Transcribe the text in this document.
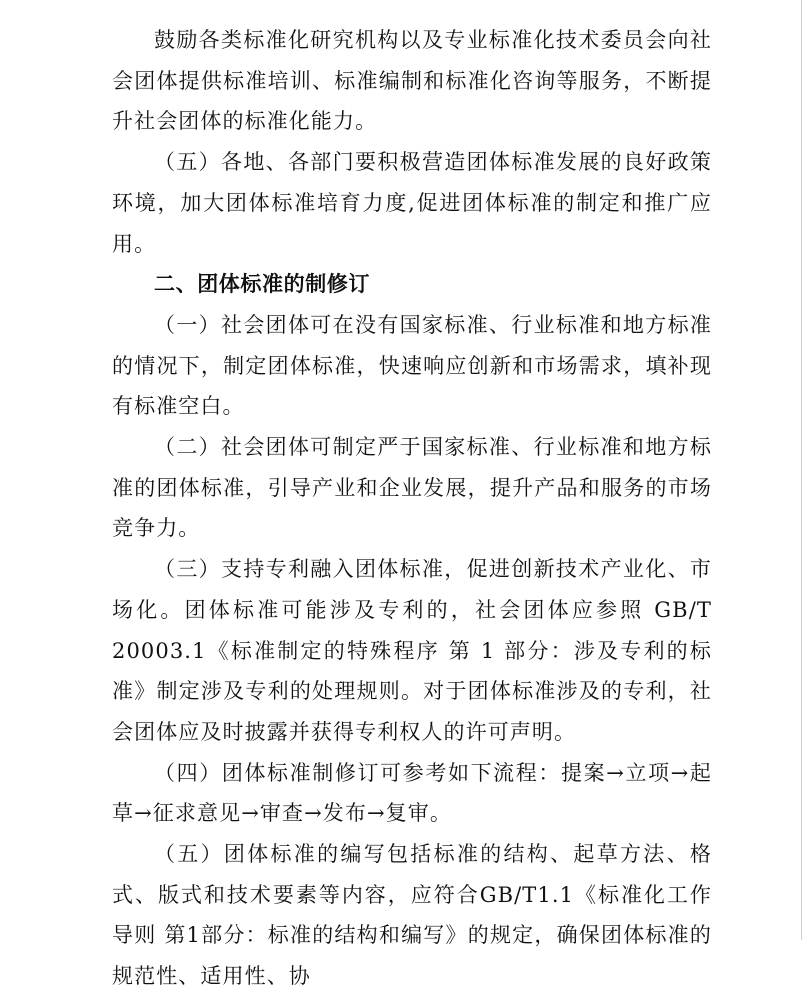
鼓励各类标准化研究机构以及专业标准化技术委员会向社会团体提供标准培训、标准编制和标准化咨询等服务，不断提升社会团体的标准化能力。

（五）各地、各部门要积极营造团体标准发展的良好政策环境，加大团体标准培育力度,促进团体标准的制定和推广应用。

二、团体标准的制修订

（一）社会团体可在没有国家标准、行业标准和地方标准的情况下，制定团体标准，快速响应创新和市场需求，填补现有标准空白。

（二）社会团体可制定严于国家标准、行业标准和地方标准的团体标准，引导产业和企业发展，提升产品和服务的市场竞争力。

（三）支持专利融入团体标准，促进创新技术产业化、市场化。团体标准可能涉及专利的，社会团体应参照 GB/T 20003.1《标准制定的特殊程序 第 1 部分：涉及专利的标准》制定涉及专利的处理规则。对于团体标准涉及的专利，社会团体应及时披露并获得专利权人的许可声明。

（四）团体标准制修订可参考如下流程：提案→立项→起草→征求意见→审查→发布→复审。

（五）团体标准的编写包括标准的结构、起草方法、格式、版式和技术要素等内容，应符合GB/T1.1《标准化工作导则 第1部分：标准的结构和编写》的规定，确保团体标准的规范性、适用性、协
